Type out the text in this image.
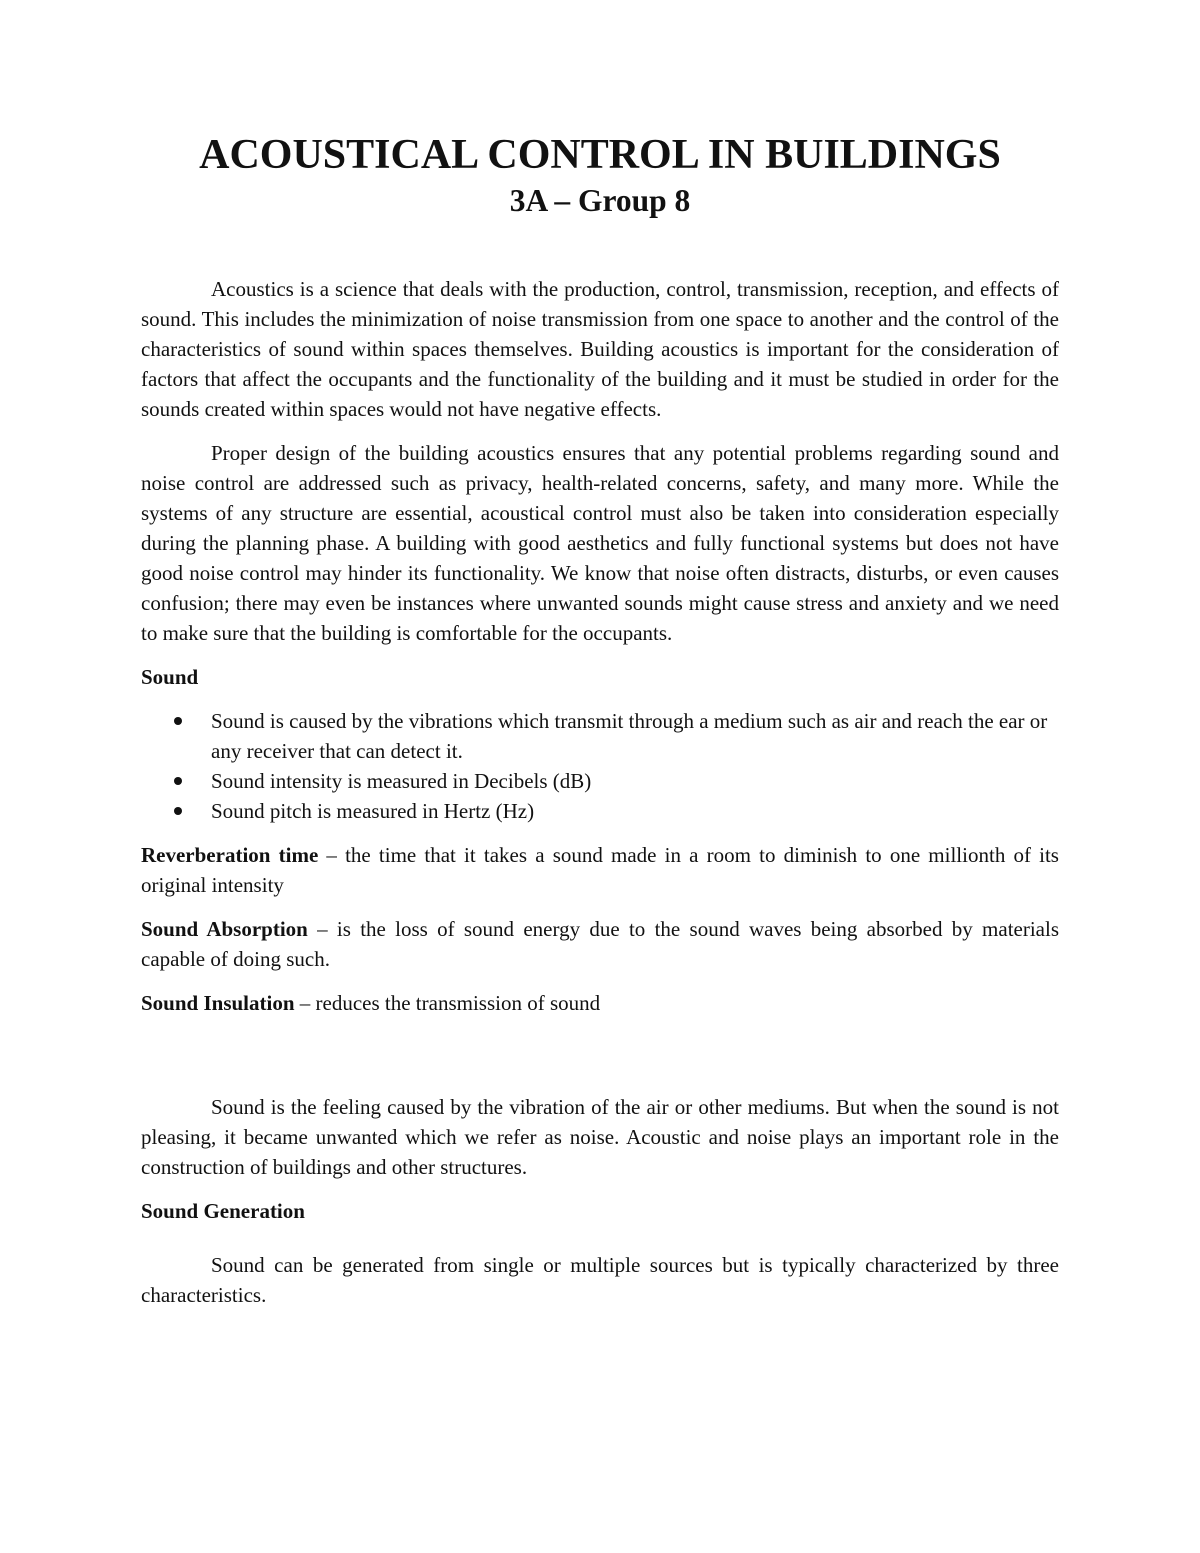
ACOUSTICAL CONTROL IN BUILDINGS
3A – Group 8

Acoustics is a science that deals with the production, control, transmission, reception, and effects of sound. This includes the minimization of noise transmission from one space to another and the control of the characteristics of sound within spaces themselves. Building acoustics is important for the consideration of factors that affect the occupants and the functionality of the building and it must be studied in order for the sounds created within spaces would not have negative effects.

Proper design of the building acoustics ensures that any potential problems regarding sound and noise control are addressed such as privacy, health-related concerns, safety, and many more. While the systems of any structure are essential, acoustical control must also be taken into consideration especially during the planning phase. A building with good aesthetics and fully functional systems but does not have good noise control may hinder its functionality. We know that noise often distracts, disturbs, or even causes confusion; there may even be instances where unwanted sounds might cause stress and anxiety and we need to make sure that the building is comfortable for the occupants.

Sound
Sound is caused by the vibrations which transmit through a medium such as air and reach the ear or any receiver that can detect it.
Sound intensity is measured in Decibels (dB)
Sound pitch is measured in Hertz (Hz)

Reverberation time – the time that it takes a sound made in a room to diminish to one millionth of its original intensity

Sound Absorption – is the loss of sound energy due to the sound waves being absorbed by materials capable of doing such.

Sound Insulation – reduces the transmission of sound

Sound is the feeling caused by the vibration of the air or other mediums. But when the sound is not pleasing, it became unwanted which we refer as noise. Acoustic and noise plays an important role in the construction of buildings and other structures.

Sound Generation

Sound can be generated from single or multiple sources but is typically characterized by three characteristics.
